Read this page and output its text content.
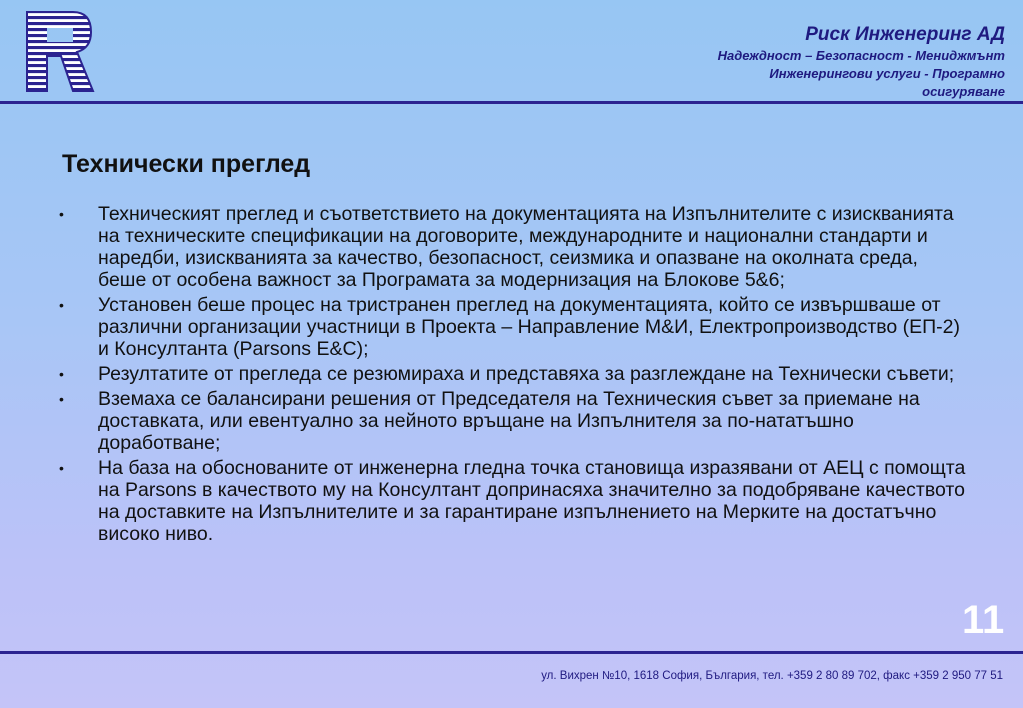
Риск Инженеринг АД
Надеждност – Безопасност - Мениджмънт
Инженерингови услуги - Програмно
осигуряване
Технически преглед
• Техническият преглед и съответствието на документацията на Изпълнителите с изискванията на техническите спецификации на договорите, международните и национални стандарти и наредби, изискванията за качество, безопасност, сеизмика и опазване на околната среда, беше от особена важност за Програмата за модернизация на Блокове 5&6;
• Установен беше процес на тристранен преглед на документацията, който се извършваше от различни организации участници в Проекта – Направление М&И, Електропроизводство (ЕП-2) и Консултанта (Parsons E&C);
• Резултатите от прегледа се резюмираха и представяха за разглеждане на Технически съвети;
• Вземаха се балансирани решения от Председателя на Техническия съвет за приемане на доставката, или евентуално за нейното връщане на Изпълнителя за по-нататъшно доработване;
• На база на обоснованите от инженерна гледна точка становища изразявани от АЕЦ с помощта на Parsons в качеството му на Консултант допринасяха значително за подобряване качеството на доставките на Изпълнителите и за гарантиране изпълнението на Мерките на достатъчно високо ниво.
11
ул. Вихрен №10, 1618 София, България, тел. +359 2 80 89 702, факс +359 2 950 77 51
